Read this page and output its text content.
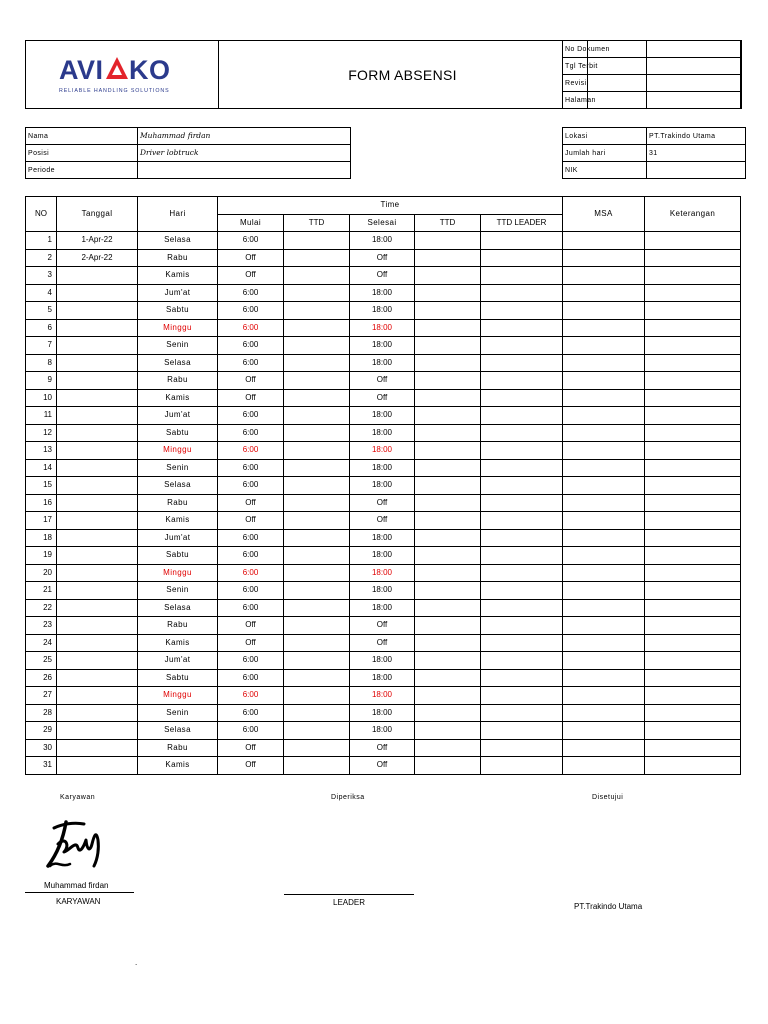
AVI KO
RELIABLE HANDLING SOLUTIONS
FORM ABSENSI
No Dokumen	
Tgl Terbit	
Revisi	
Halaman	
Nama	Muhammad firdan
Posisi	Driver lobtruck
Periode	
Lokasi	PT.Trakindo Utama
Jumlah hari	31
NIK	
NO	Tanggal	Hari	Time					MSA	Keterangan
			Mulai	TTD	Selesai	TTD	TTD LEADER		
1	1-Apr-22	Selasa	6:00		18:00				
2	2-Apr-22	Rabu	Off		Off				
3		Kamis	Off		Off				
4		Jum'at	6:00		18:00				
5		Sabtu	6:00		18:00				
6		Minggu	6:00		18:00				
7		Senin	6:00		18:00				
8		Selasa	6:00		18:00				
9		Rabu	Off		Off				
10		Kamis	Off		Off				
11		Jum'at	6:00		18:00				
12		Sabtu	6:00		18:00				
13		Minggu	6:00		18:00				
14		Senin	6:00		18:00				
15		Selasa	6:00		18:00				
16		Rabu	Off		Off				
17		Kamis	Off		Off				
18		Jum'at	6:00		18:00				
19		Sabtu	6:00		18:00				
20		Minggu	6:00		18:00				
21		Senin	6:00		18:00				
22		Selasa	6:00		18:00				
23		Rabu	Off		Off				
24		Kamis	Off		Off				
25		Jum'at	6:00		18:00				
26		Sabtu	6:00		18:00				
27		Minggu	6:00		18:00				
28		Senin	6:00		18:00				
29		Selasa	6:00		18:00				
30		Rabu	Off		Off				
31		Kamis	Off		Off				
Karyawan	Diperiksa	Disetujui
Muhammad firdan
KARYAWAN	LEADER	PT.Trakindo Utama
.
